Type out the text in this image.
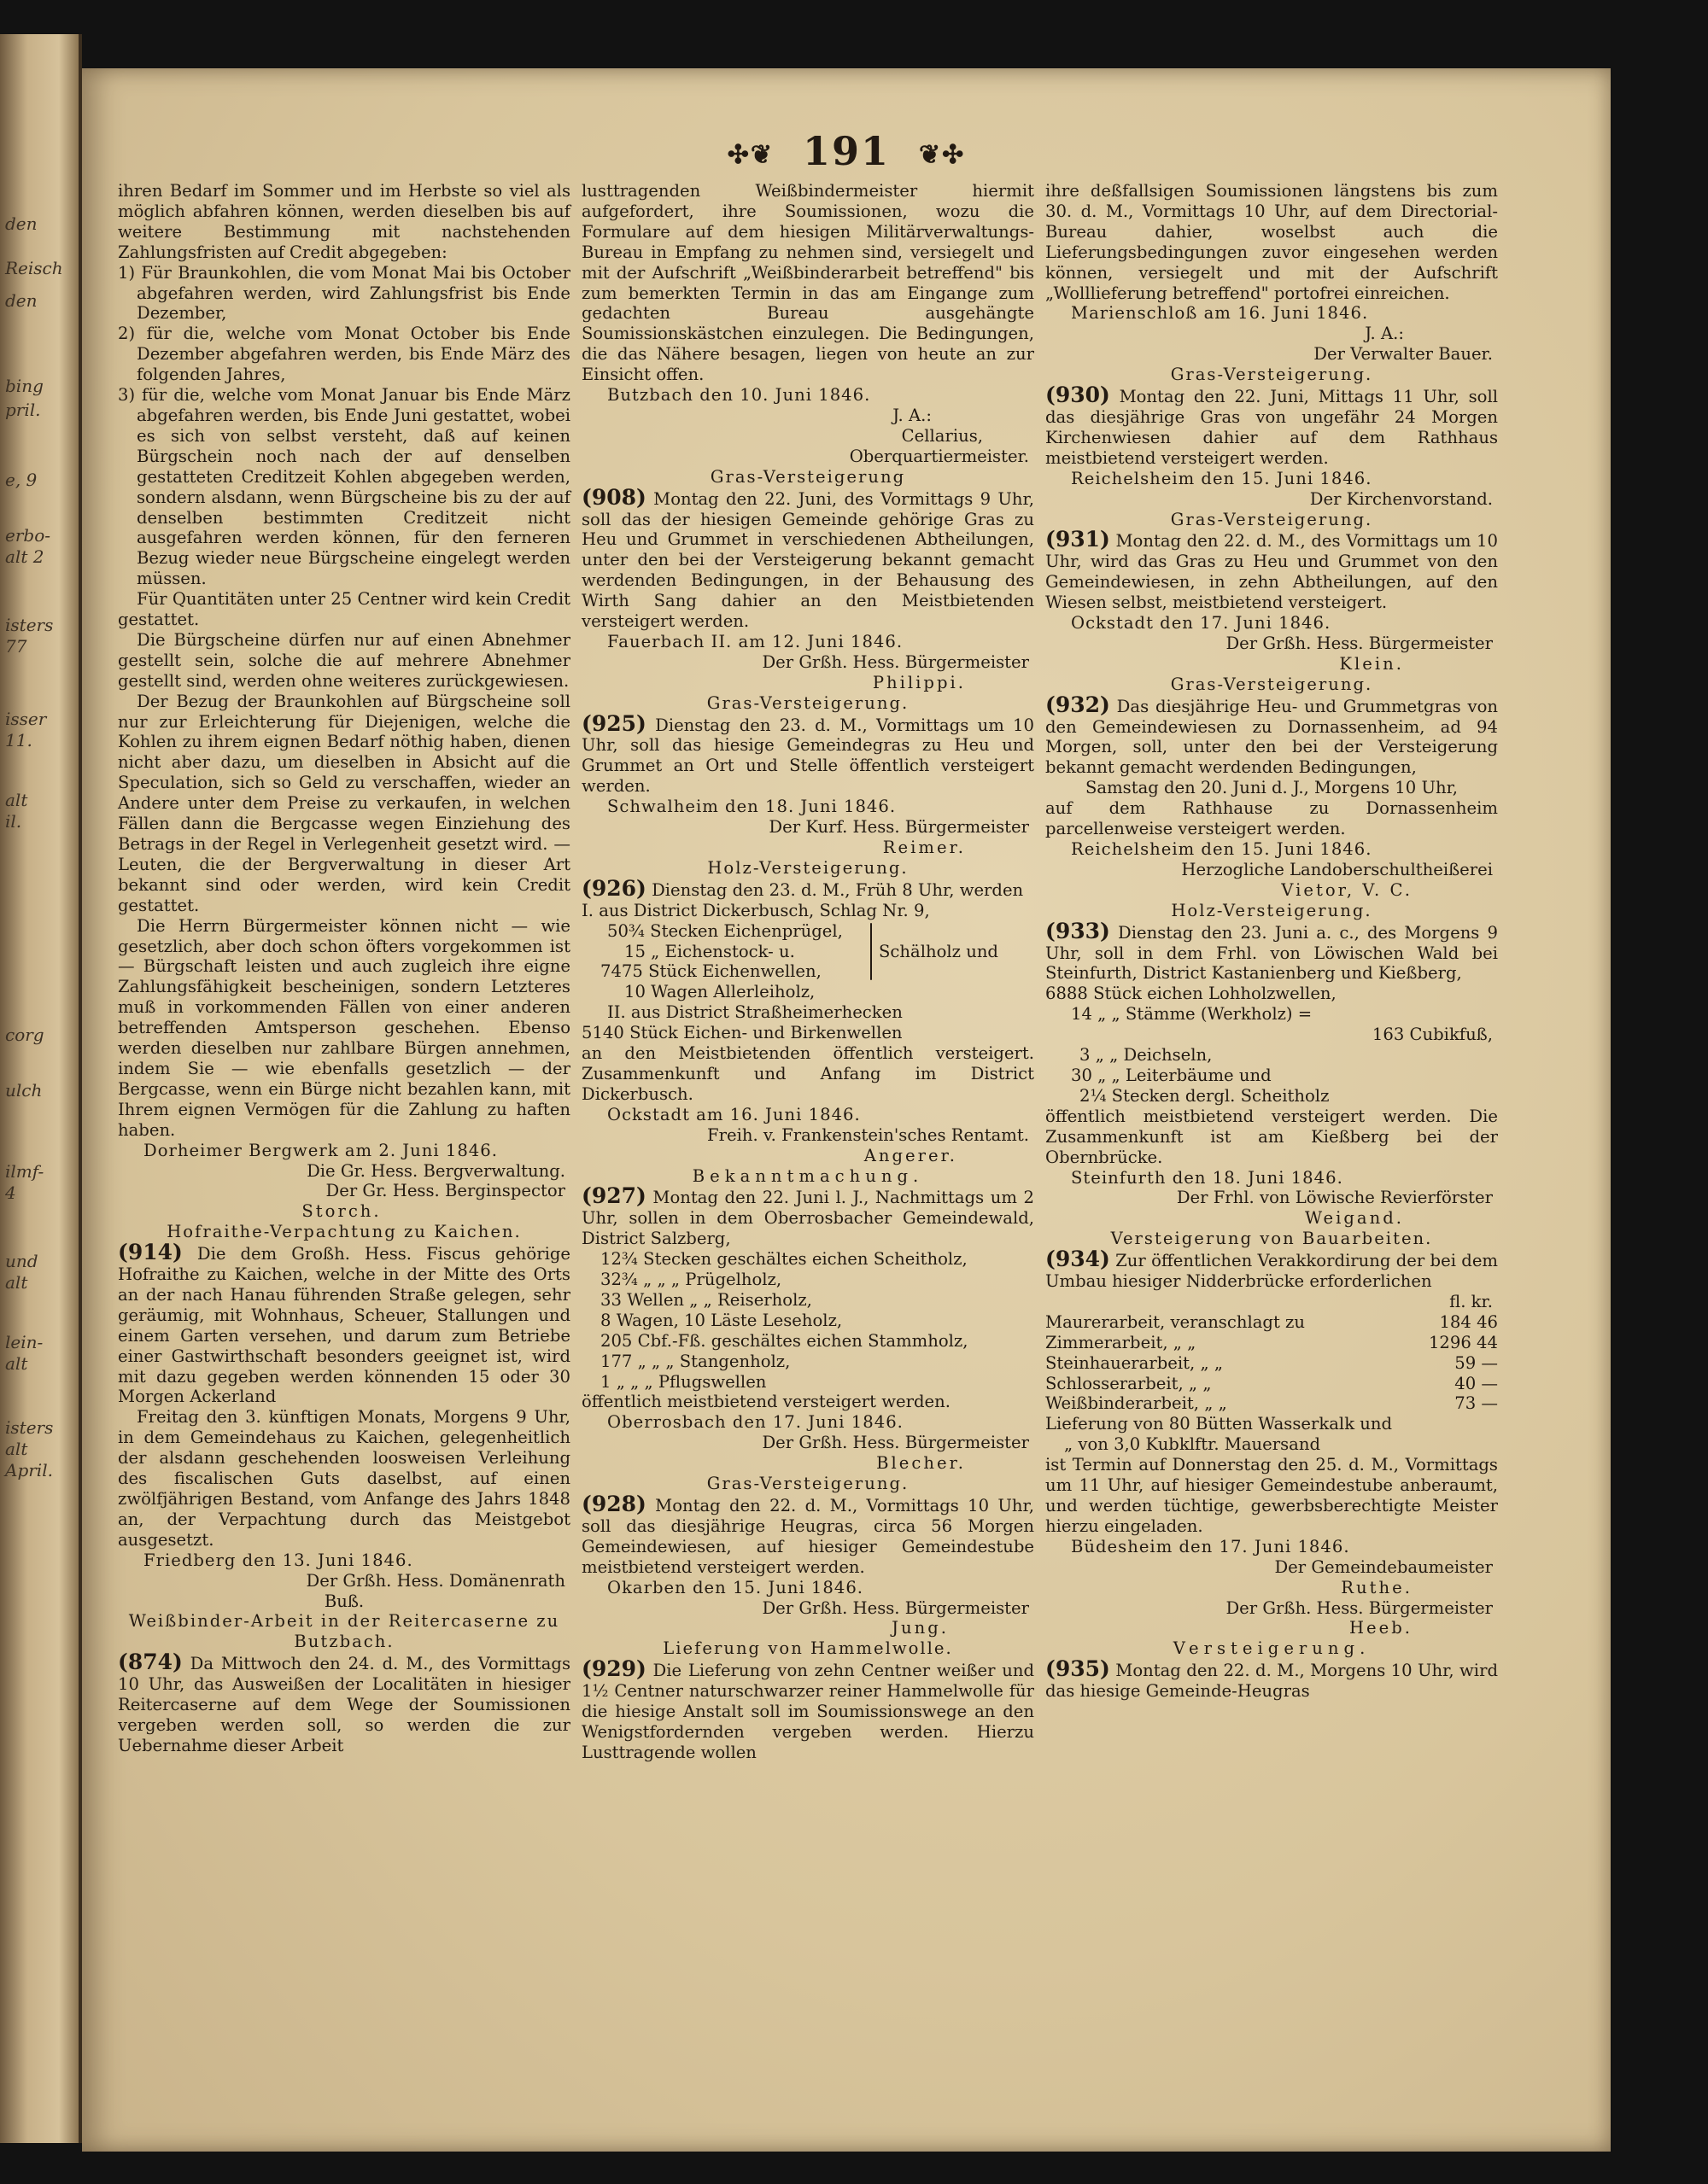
den
Reisch
den
bing
pril.
e, 9
erbo-
alt 2
isters
77
isser
11.
alt
il.
corg
ulch
ilmf-
4
und
alt
lein-
alt
isters
alt
April.
✣❦ 191 ❦✣

ihren Bedarf im Sommer und im Herbste so viel als möglich abfahren können, werden dieselben bis auf weitere Bestimmung mit nachstehenden Zahlungsfristen auf Credit abgegeben:

1) Für Braunkohlen, die vom Monat Mai bis October abgefahren werden, wird Zahlungsfrist bis Ende Dezember,

2) für die, welche vom Monat October bis Ende Dezember abgefahren werden, bis Ende März des folgenden Jahres,

3) für die, welche vom Monat Januar bis Ende März abgefahren werden, bis Ende Juni gestattet, wobei es sich von selbst versteht, daß auf keinen Bürgschein noch nach der auf denselben gestatteten Creditzeit Kohlen abgegeben werden, sondern alsdann, wenn Bürgscheine bis zu der auf denselben bestimmten Creditzeit nicht ausgefahren werden können, für den ferneren Bezug wieder neue Bürgscheine eingelegt werden müssen.

Für Quantitäten unter 25 Centner wird kein Credit gestattet.

Die Bürgscheine dürfen nur auf einen Abnehmer gestellt sein, solche die auf mehrere Abnehmer gestellt sind, werden ohne weiteres zurückgewiesen.

Der Bezug der Braunkohlen auf Bürgscheine soll nur zur Erleichterung für Diejenigen, welche die Kohlen zu ihrem eignen Bedarf nöthig haben, dienen nicht aber dazu, um dieselben in Absicht auf die Speculation, sich so Geld zu verschaffen, wieder an Andere unter dem Preise zu verkaufen, in welchen Fällen dann die Bergcasse wegen Einziehung des Betrags in der Regel in Verlegenheit gesetzt wird. — Leuten, die der Bergverwaltung in dieser Art bekannt sind oder werden, wird kein Credit gestattet.

Die Herrn Bürgermeister können nicht — wie gesetzlich, aber doch schon öfters vorgekommen ist — Bürgschaft leisten und auch zugleich ihre eigne Zahlungsfähigkeit bescheinigen, sondern Letzteres muß in vorkommenden Fällen von einer anderen betreffenden Amtsperson geschehen. Ebenso werden dieselben nur zahlbare Bürgen annehmen, indem Sie — wie ebenfalls gesetzlich — der Bergcasse, wenn ein Bürge nicht bezahlen kann, mit Ihrem eignen Vermögen für die Zahlung zu haften haben.

Dorheimer Bergwerk am 2. Juni 1846.

Die Gr. Hess. Bergverwaltung.

Der Gr. Hess. Berginspector

Storch.

Hofraithe-Verpachtung zu Kaichen.

(914) Die dem Großh. Hess. Fiscus gehörige Hofraithe zu Kaichen, welche in der Mitte des Orts an der nach Hanau führenden Straße gelegen, sehr geräumig, mit Wohnhaus, Scheuer, Stallungen und einem Garten versehen, und darum zum Betriebe einer Gastwirthschaft besonders geeignet ist, wird mit dazu gegeben werden könnenden 15 oder 30 Morgen Ackerland

Freitag den 3. künftigen Monats, Morgens 9 Uhr, in dem Gemeindehaus zu Kaichen, gelegenheitlich der alsdann geschehenden loosweisen Verleihung des fiscalischen Guts daselbst, auf einen zwölfjährigen Bestand, vom Anfange des Jahrs 1848 an, der Verpachtung durch das Meistgebot ausgesetzt.

Friedberg den 13. Juni 1846.

Der Grßh. Hess. Domänenrath

Buß.

Weißbinder-Arbeit in der Reitercaserne zu Butzbach.

(874) Da Mittwoch den 24. d. M., des Vormittags 10 Uhr, das Ausweißen der Localitäten in hiesiger Reitercaserne auf dem Wege der Soumissionen vergeben werden soll, so werden die zur Uebernahme dieser Arbeit

lusttragenden Weißbindermeister hiermit aufgefordert, ihre Soumissionen, wozu die Formulare auf dem hiesigen Militärverwaltungs-Bureau in Empfang zu nehmen sind, versiegelt und mit der Aufschrift „Weißbinderarbeit betreffend" bis zum bemerkten Termin in das am Eingange zum gedachten Bureau ausgehängte Soumissionskästchen einzulegen. Die Bedingungen, die das Nähere besagen, liegen von heute an zur Einsicht offen.

Butzbach den 10. Juni 1846.

J. A.:

Cellarius,

Oberquartiermeister.

Gras-Versteigerung

(908) Montag den 22. Juni, des Vormittags 9 Uhr, soll das der hiesigen Gemeinde gehörige Gras zu Heu und Grummet in verschiedenen Abtheilungen, unter den bei der Versteigerung bekannt gemacht werdenden Bedingungen, in der Behausung des Wirth Sang dahier an den Meistbietenden versteigert werden.

Fauerbach II. am 12. Juni 1846.

Der Grßh. Hess. Bürgermeister

Philippi.

Gras-Versteigerung.

(925) Dienstag den 23. d. M., Vormittags um 10 Uhr, soll das hiesige Gemeindegras zu Heu und Grummet an Ort und Stelle öffentlich versteigert werden.

Schwalheim den 18. Juni 1846.

Der Kurf. Hess. Bürgermeister

Reimer.

Holz-Versteigerung.

(926) Dienstag den 23. d. M., Früh 8 Uhr, werden

I. aus District Dickerbusch, Schlag Nr. 9,

50¾ Stecken Eichenprügel,

15 „ Eichenstock- u.

7475 Stück Eichenwellen,

Schälholz und

10 Wagen Allerleiholz,

II. aus District Straßheimerhecken

5140 Stück Eichen- und Birkenwellen

an den Meistbietenden öffentlich versteigert. Zusammenkunft und Anfang im District Dickerbusch.

Ockstadt am 16. Juni 1846.

Freih. v. Frankenstein'sches Rentamt.

Angerer.

Bekanntmachung.

(927) Montag den 22. Juni l. J., Nachmittags um 2 Uhr, sollen in dem Oberrosbacher Gemeindewald, District Salzberg,

12¾ Stecken geschältes eichen Scheitholz,

32¾ „ „ „ Prügelholz,

33 Wellen „ „ Reiserholz,

8 Wagen, 10 Läste Leseholz,

205 Cbf.-Fß. geschältes eichen Stammholz,

177 „ „ „ Stangenholz,

1 „ „ „ Pflugswellen

öffentlich meistbietend versteigert werden.

Oberrosbach den 17. Juni 1846.

Der Grßh. Hess. Bürgermeister

Blecher.

Gras-Versteigerung.

(928) Montag den 22. d. M., Vormittags 10 Uhr, soll das diesjährige Heugras, circa 56 Morgen Gemeindewiesen, auf hiesiger Gemeindestube meistbietend versteigert werden.

Okarben den 15. Juni 1846.

Der Grßh. Hess. Bürgermeister

Jung.

Lieferung von Hammelwolle.

(929) Die Lieferung von zehn Centner weißer und 1½ Centner naturschwarzer reiner Hammelwolle für die hiesige Anstalt soll im Soumissionswege an den Wenigstfordernden vergeben werden. Hierzu Lusttragende wollen

ihre deßfallsigen Soumissionen längstens bis zum 30. d. M., Vormittags 10 Uhr, auf dem Directorial-Bureau dahier, woselbst auch die Lieferungsbedingungen zuvor eingesehen werden können, versiegelt und mit der Aufschrift „Wolllieferung betreffend" portofrei einreichen.

Marienschloß am 16. Juni 1846.

J. A.:

Der Verwalter Bauer.

Gras-Versteigerung.

(930) Montag den 22. Juni, Mittags 11 Uhr, soll das diesjährige Gras von ungefähr 24 Morgen Kirchenwiesen dahier auf dem Rathhaus meistbietend versteigert werden.

Reichelsheim den 15. Juni 1846.

Der Kirchenvorstand.

Gras-Versteigerung.

(931) Montag den 22. d. M., des Vormittags um 10 Uhr, wird das Gras zu Heu und Grummet von den Gemeindewiesen, in zehn Abtheilungen, auf den Wiesen selbst, meistbietend versteigert.

Ockstadt den 17. Juni 1846.

Der Grßh. Hess. Bürgermeister

Klein.

Gras-Versteigerung.

(932) Das diesjährige Heu- und Grummetgras von den Gemeindewiesen zu Dornassenheim, ad 94 Morgen, soll, unter den bei der Versteigerung bekannt gemacht werdenden Bedingungen,

Samstag den 20. Juni d. J., Morgens 10 Uhr,

auf dem Rathhause zu Dornassenheim parcellenweise versteigert werden.

Reichelsheim den 15. Juni 1846.

Herzogliche Landoberschultheißerei

Vietor, V. C.

Holz-Versteigerung.

(933) Dienstag den 23. Juni a. c., des Morgens 9 Uhr, soll in dem Frhl. von Löwischen Wald bei Steinfurth, District Kastanienberg und Kießberg,

6888 Stück eichen Lohholzwellen,

14 „ „ Stämme (Werkholz) =

163 Cubikfuß,

3 „ „ Deichseln,

30 „ „ Leiterbäume und

2¼ Stecken dergl. Scheitholz

öffentlich meistbietend versteigert werden. Die Zusammenkunft ist am Kießberg bei der Obernbrücke.

Steinfurth den 18. Juni 1846.

Der Frhl. von Löwische Revierförster

Weigand.

Versteigerung von Bauarbeiten.

(934) Zur öffentlichen Verakkordirung der bei dem Umbau hiesiger Nidderbrücke erforderlichen

fl. kr.

Maurerarbeit, veranschlagt zu	184 46
Zimmerarbeit, „ „	1296 44
Steinhauerarbeit, „ „	59 —
Schlosserarbeit, „ „	40 —
Weißbinderarbeit, „ „	73 —

Lieferung von 80 Bütten Wasserkalk und

„ von 3,0 Kubklftr. Mauersand

ist Termin auf Donnerstag den 25. d. M., Vormittags um 11 Uhr, auf hiesiger Gemeindestube anberaumt, und werden tüchtige, gewerbsberechtigte Meister hierzu eingeladen.

Büdesheim den 17. Juni 1846.

Der Gemeindebaumeister

Ruthe.

Der Grßh. Hess. Bürgermeister

Heeb.

Versteigerung.

(935) Montag den 22. d. M., Morgens 10 Uhr, wird das hiesige Gemeinde-Heugras
